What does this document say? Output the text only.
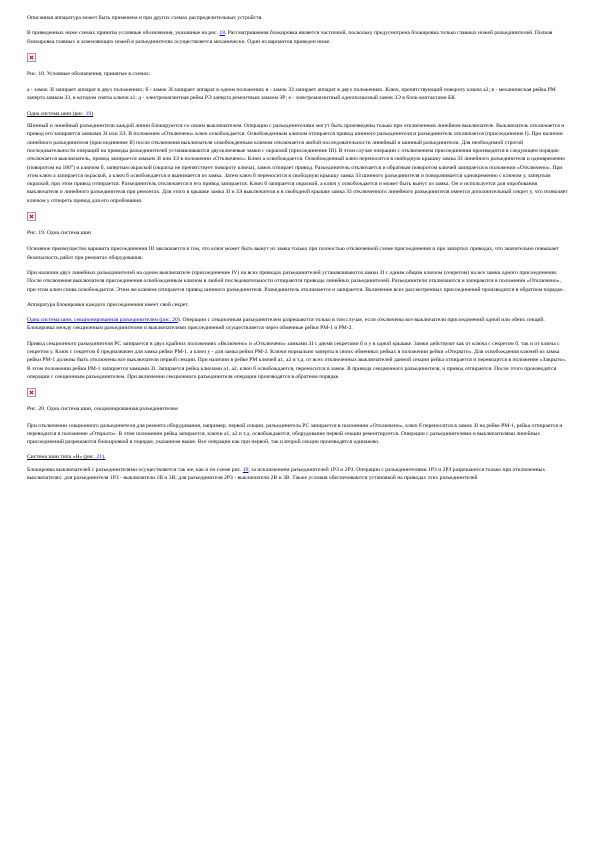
Описанная аппаратура может быть применена и при других схемах распределительных устройств.

В приведенных ниже схемах приняты условные обозначения, указанные на рис. 18. Рассматриваемая блокировка является частичной, поскольку предусмотрена блокировка только главных ножей разъединителей. Полная блокировка главных и заземляющих ножей в разъединителях осуществляется механически. Один из вариантов приведен ниже.

Рис. 18. Условные обозначения, принятые в схемах:

а - замок ЗI запирает аппарат в двух положениях; б - замок ЗI запирает аппарат в одном положении; в - замок ЗЗ запирает аппарат в двух положениях. Ключ, препятствующий повороту ключа a2; в - механическая рейка РМ заперта замком ЗЗ, в котором сняты ключи a1; д - электромагнитная рейка РЭ заперта ремонтным замком ЗР; е - электромагнитный однополюсный замок ЗЭ в блок-контактами БК

Одна система шин (рис. 19)

Шинный и линейный разъединители каждой линии блокируются со своим выключателем. Операции с разъединителями могут быть произведены только при отключенном линейном выключателе. Выключатель отключается и привод его запирается замками ЗI или ЗЭ. В положении «Отключено» ключ освобождается. Освобожденным ключом отпирается привод шинного разъединителя и разъединитель отключается (присоединение I). При наличии линейного разъединителя (присоединение II) после отключения выключателя освобожденным ключом отключается любой последовательности линейный и шинный разъединители. Для необходимой строгой последовательности операций на приводы разъединителей устанавливаются двухключевые замки с окраской (присоединение III). В этом случае операции с отключением присоединения производятся в следующем порядке: отключается выключатель, привод запирается замком ЗI или ЗЭ в положении «Отключено». Ключ а освобождается. Освобожденный ключ переносится в свободную крышку замка ЗЗ линейного разъединителя и одновременно (поворотом на 180°) и ключом б, запертым окраской (окраска не препятствует повороту ключа), замок отпирает привод. Разъединитель отключается и обратным поворотом ключей запирается в положении «Отключено». При этом ключ а запирается окраской, а ключ б освобождается и вынимается из замка. Затем ключ б переносится в свободную крышку замка ЗЗ шинного разъединителя и поворачивается одновременно с ключом у, запертым окраской, при этом привод отпирается. Разъединитель отключается и его привод запирается. Ключ б запирается окраской, а ключ у освобождается и может быть вынут из замка. Он и используется для опробования выключателя и линейного разъединителя при ремонтах. Для этого в крышке замка ЗI и ЗЭ выключателя и в свободной крышке замка ЗЗ отключенного линейного разъединителя имеется дополнительный секрет у, что позволяет ключом у отпереть привод для его опробования.

Рис. 19. Одна система шин

Основное преимущество варианта присоединения III заключается в том, что ключ может быть вынут из замка только при полностью отключенной схеме присоединения и при запертых приводах, что значительно повышает безопасность работ при ремонтах оборудования.

При наличии двух линейных разъединителей на одном выключателе (присоединение IV) на всех приводах разъединителей устанавливаются замки ЗI с одним общим ключом (секретом) на все замки одного присоединения. После отключения выключателя присоединения освобожденным ключом в любой последовательности отпираются приводы линейных разъединителей. Разъединители отключаются и запираются в положении «Отключено», при этом ключ снова освобождается. Этим же ключом отпирается привод шинного разъединителя. Разъединитель отключается и запирается. Включение всех рассмотренных присоединений производится в обратном порядке.

Аппаратура блокировки каждого присоединения имеет свой секрет.

Одна система шин, секционированная разъединителем (рис. 20). Операции с секционным разъединителем разрешаются только в том случае, если отключены все выключатели присоединений одной или обеих секций. Блокировка между секционным разъединителем и выключателями присоединений осуществляется через обменные рейки РМ-1 и РМ-2.

Привод секционного разъединителя РС запирается в двух крайних положениях «Включено» и «Отключено» замками ЗI с двумя секретами б и у в одной крышке. Замки действуют как от ключа с секретом б, так и от ключа с секретом у. Ключ с секретом б предназначен для замка рейки РМ-1, а ключ у - для замка рейки РМ-2. Ключи нормально заперты в своих обменных рейках в положении рейки «Открыто». Для освобождения ключей из замка рейки РМ-1 должны быть отключены все выключатели первой секции. При наличии в рейке РМ ключей a1, a2 и т.д. от всех отключенных выключателей данной секции рейка отпирается и переводится в положение «Закрыто». В этом положении рейки РМ-1 запирается замками ЗI. Запирается рейка ключами a1, a2, ключ б освобождается, переносится в замок ЗI привода секционного разъединителя, и привод отпирается. После этого производятся операции с секционным разъединителем. При включении секционного разъединителя операции производятся в обратном порядке.

Рис. 20. Одна система шин, секционированная разъединителем

При отключении секционного разъединителя для ремонта оборудования, например, первой секции, разъединитель РС запирается в положении «Отключено», ключ б переносится в замок ЗI на рейке РМ-1, рейка отпирается и переводится в положение «Открыто». В этом положении рейка запирается, ключи a1, a2 и т.д. освобождаются, оборудование первой секции ремонтируется. Операции с разъединителями и выключателями линейных присоединений разрешаются блокировкой в порядке, указанном выше. Все операции как при первой, так и второй секции производятся одинаково.

Система шин типа «Н» (рис. 21).

Блокировка выключателей с разъединителями осуществляется так же, как и по схеме рис. 19, за исключением разъединителей 1РЗ и 2РЗ. Операции с разъединителями 1РЗ и 2РЗ разрешаются только при отключенных выключателях: для разъединителя 1РЗ - выключатели 1В и 3В; для разъединителя 2РЗ - выключатели 2В и 3В. Также условия обеспечиваются установкой на приводах этих разъединителей
